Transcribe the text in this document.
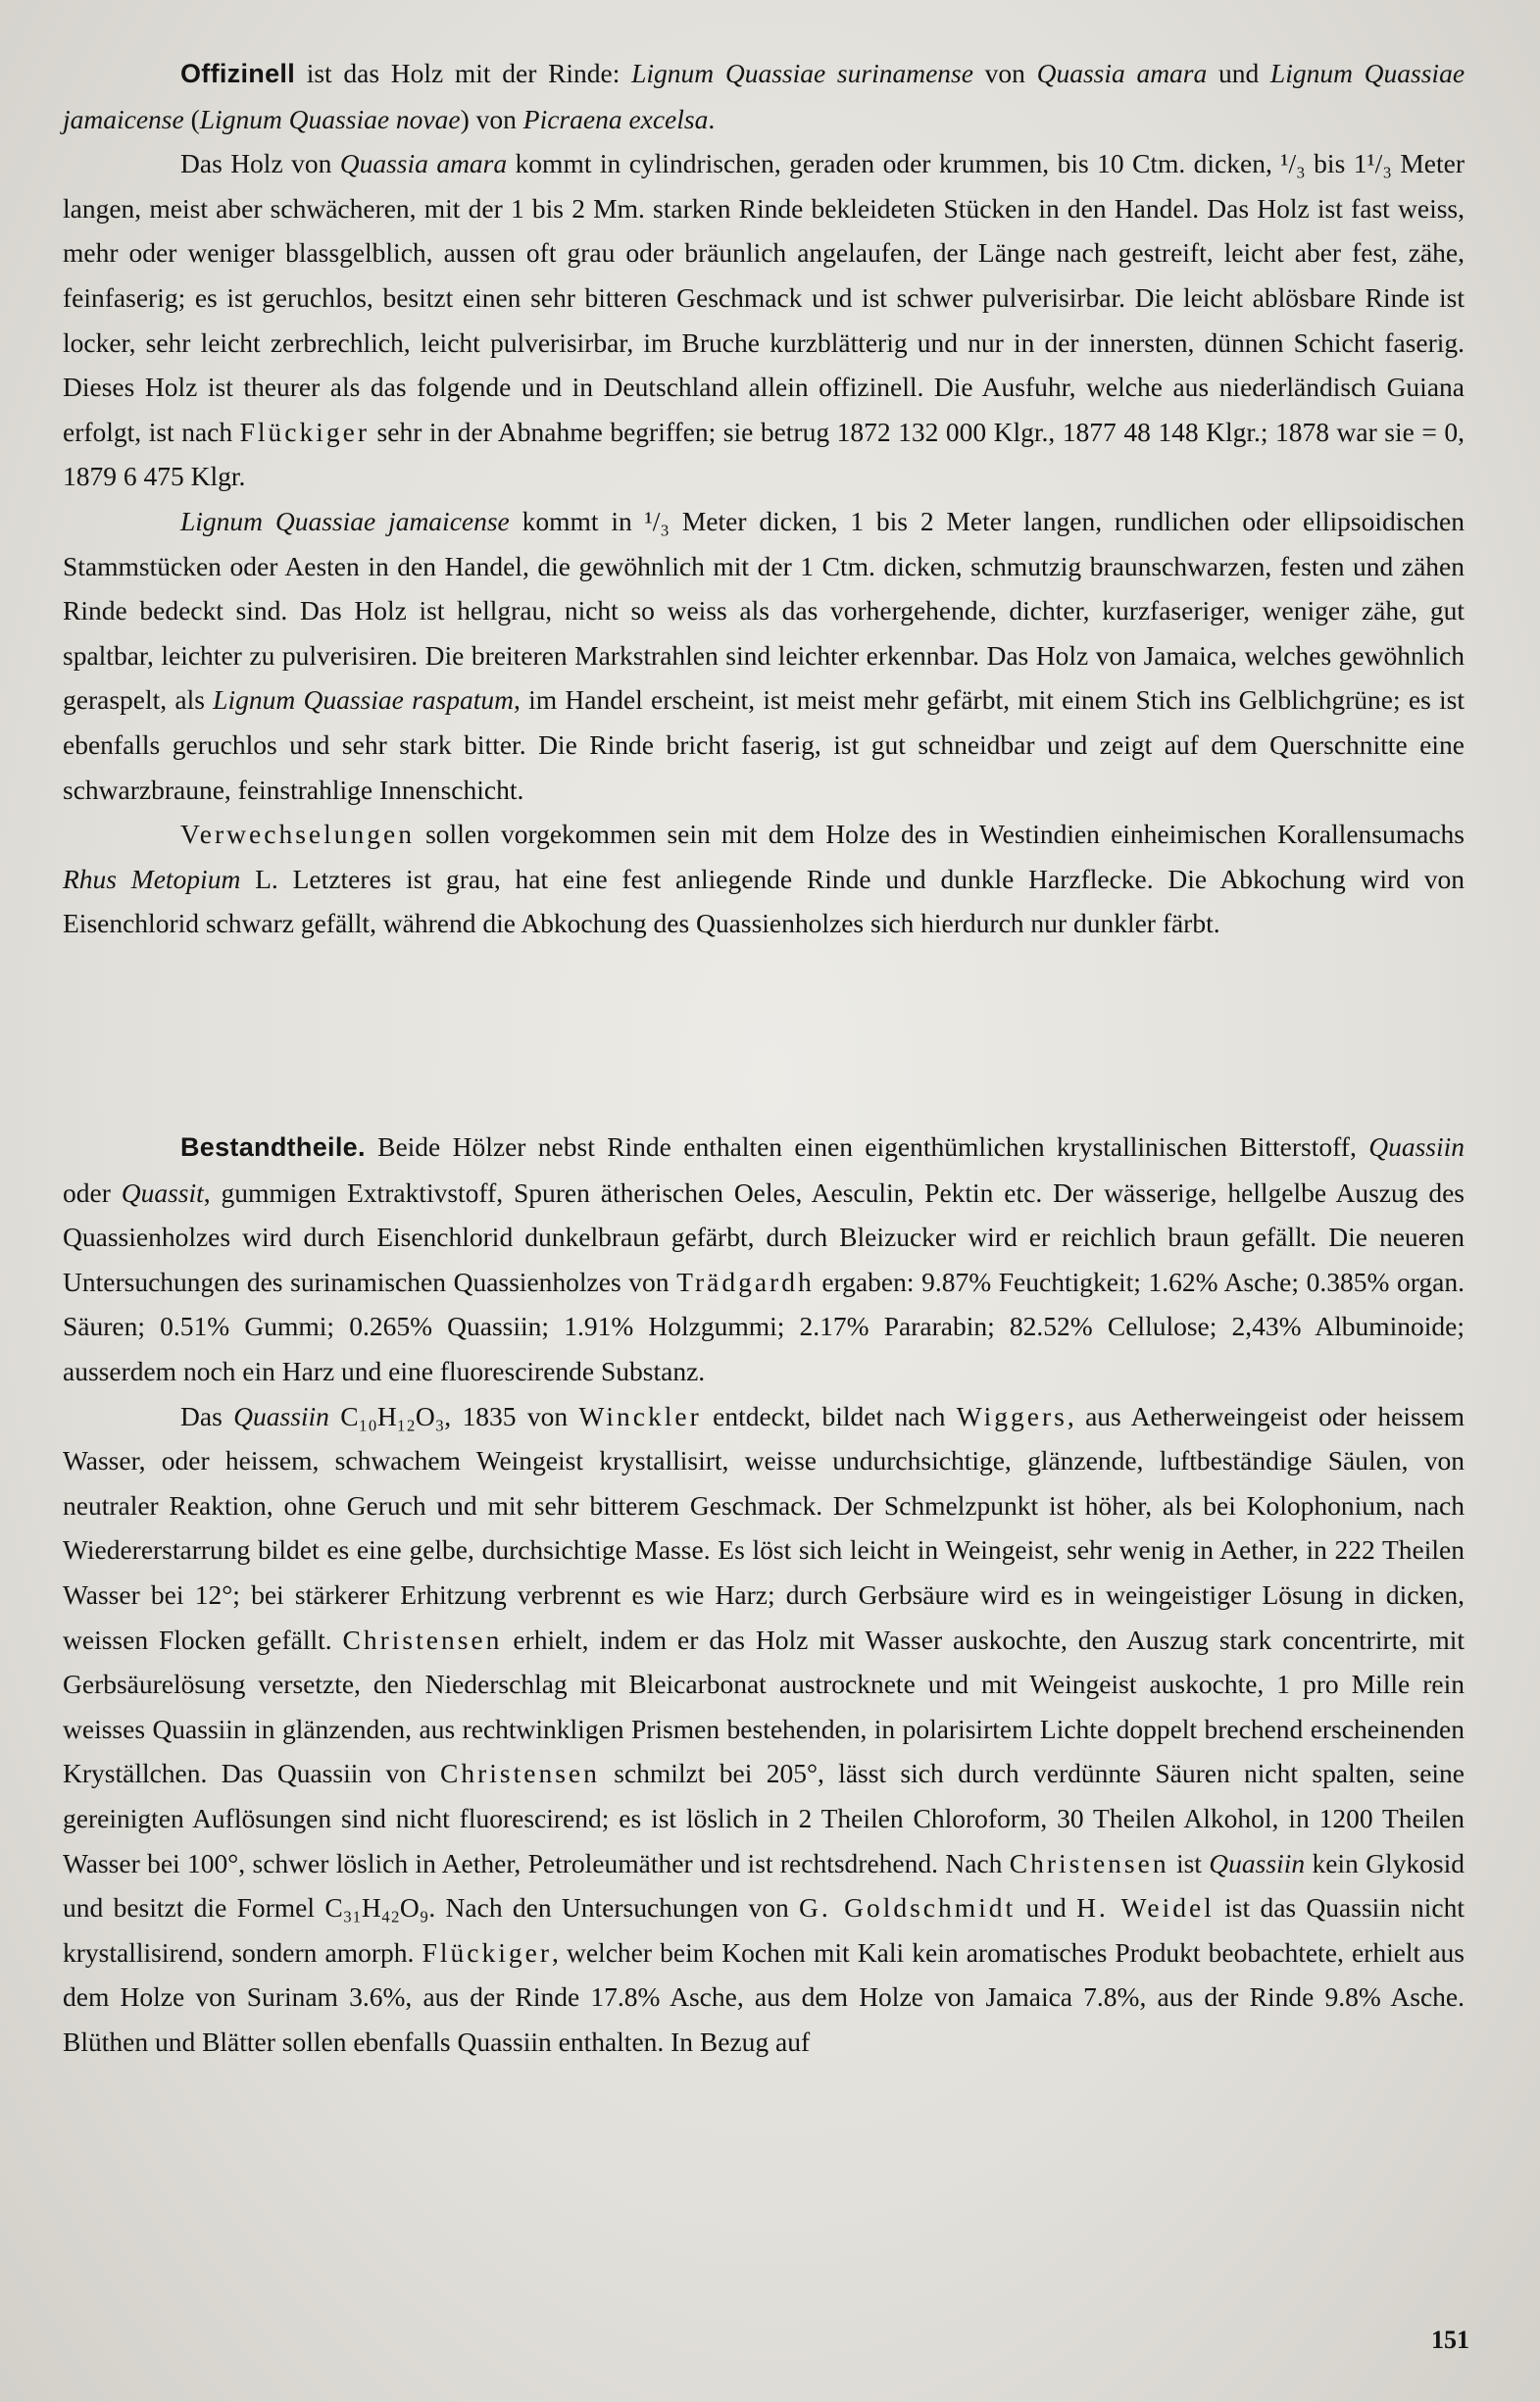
Offizinell ist das Holz mit der Rinde: Lignum Quassiae surinamense von Quassia amara und Lignum Quassiae jamaicense (Lignum Quassiae novae) von Picraena excelsa.

Das Holz von Quassia amara kommt in cylindrischen, geraden oder krummen, bis 10 Ctm. dicken, ¹/₃ bis 1¹/₃ Meter langen, meist aber schwächeren, mit der 1 bis 2 Mm. starken Rinde bekleideten Stücken in den Handel. Das Holz ist fast weiss, mehr oder weniger blassgelblich, aussen oft grau oder bräunlich angelaufen, der Länge nach gestreift, leicht aber fest, zähe, feinfaserig; es ist geruchlos, besitzt einen sehr bitteren Geschmack und ist schwer pulverisirbar. Die leicht ablösbare Rinde ist locker, sehr leicht zerbrechlich, leicht pulverisirbar, im Bruche kurzblätterig und nur in der innersten, dünnen Schicht faserig. Dieses Holz ist theurer als das folgende und in Deutschland allein offizinell. Die Ausfuhr, welche aus niederländisch Guiana erfolgt, ist nach Flückiger sehr in der Abnahme begriffen; sie betrug 1872 132 000 Klgr., 1877 48 148 Klgr.; 1878 war sie = 0, 1879 6 475 Klgr.

Lignum Quassiae jamaicense kommt in ¹/₃ Meter dicken, 1 bis 2 Meter langen, rundlichen oder ellipsoidischen Stammstücken oder Aesten in den Handel, die gewöhnlich mit der 1 Ctm. dicken, schmutzig braunschwarzen, festen und zähen Rinde bedeckt sind. Das Holz ist hellgrau, nicht so weiss als das vorhergehende, dichter, kurzfaseriger, weniger zähe, gut spaltbar, leichter zu pulverisiren. Die breiteren Markstrahlen sind leichter erkennbar. Das Holz von Jamaica, welches gewöhnlich geraspelt, als Lignum Quassiae raspatum, im Handel erscheint, ist meist mehr gefärbt, mit einem Stich ins Gelblichgrüne; es ist ebenfalls geruchlos und sehr stark bitter. Die Rinde bricht faserig, ist gut schneidbar und zeigt auf dem Querschnitte eine schwarzbraune, feinstrahlige Innenschicht.

Verwechselungen sollen vorgekommen sein mit dem Holze des in Westindien einheimischen Korallensumachs Rhus Metopium L. Letzteres ist grau, hat eine fest anliegende Rinde und dunkle Harzflecke. Die Abkochung wird von Eisenchlorid schwarz gefällt, während die Abkochung des Quassienholzes sich hierdurch nur dunkler färbt.

Bestandtheile. Beide Hölzer nebst Rinde enthalten einen eigenthümlichen krystallinischen Bitterstoff, Quassiin oder Quassit, gummigen Extraktivstoff, Spuren ätherischen Oeles, Aesculin, Pektin etc. Der wässerige, hellgelbe Auszug des Quassienholzes wird durch Eisenchlorid dunkelbraun gefärbt, durch Bleizucker wird er reichlich braun gefällt. Die neueren Untersuchungen des surinamischen Quassienholzes von Trädgardh ergaben: 9.87% Feuchtigkeit; 1.62% Asche; 0.385% organ. Säuren; 0.51% Gummi; 0.265% Quassiin; 1.91% Holzgummi; 2.17% Pararabin; 82.52% Cellulose; 2,43% Albuminoide; ausserdem noch ein Harz und eine fluorescirende Substanz.

Das Quassiin C₁₀H₁₂O₃, 1835 von Winckler entdeckt, bildet nach Wiggers, aus Aetherweingeist oder heissem Wasser, oder heissem, schwachem Weingeist krystallisirt, weisse undurchsichtige, glänzende, luftbeständige Säulen, von neutraler Reaktion, ohne Geruch und mit sehr bitterem Geschmack. Der Schmelzpunkt ist höher, als bei Kolophonium, nach Wiedererstarrung bildet es eine gelbe, durchsichtige Masse. Es löst sich leicht in Weingeist, sehr wenig in Aether, in 222 Theilen Wasser bei 12°; bei stärkerer Erhitzung verbrennt es wie Harz; durch Gerbsäure wird es in weingeistiger Lösung in dicken, weissen Flocken gefällt. Christensen erhielt, indem er das Holz mit Wasser auskochte, den Auszug stark concentrirte, mit Gerbsäurelösung versetzte, den Niederschlag mit Bleicarbonat austrocknete und mit Weingeist auskochte, 1 pro Mille rein weisses Quassiin in glänzenden, aus rechtwinkligen Prismen bestehenden, in polarisirtem Lichte doppelt brechend erscheinenden Kryställchen. Das Quassiin von Christensen schmilzt bei 205°, lässt sich durch verdünnte Säuren nicht spalten, seine gereinigten Auflösungen sind nicht fluorescirend; es ist löslich in 2 Theilen Chloroform, 30 Theilen Alkohol, in 1200 Theilen Wasser bei 100°, schwer löslich in Aether, Petroleumäther und ist rechtsdrehend. Nach Christensen ist Quassiin kein Glykosid und besitzt die Formel C₃₁H₄₂O₉. Nach den Untersuchungen von G. Goldschmidt und H. Weidel ist das Quassiin nicht krystallisirend, sondern amorph. Flückiger, welcher beim Kochen mit Kali kein aromatisches Produkt beobachtete, erhielt aus dem Holze von Surinam 3.6%, aus der Rinde 17.8% Asche, aus dem Holze von Jamaica 7.8%, aus der Rinde 9.8% Asche. Blüthen und Blätter sollen ebenfalls Quassiin enthalten. In Bezug auf

151
